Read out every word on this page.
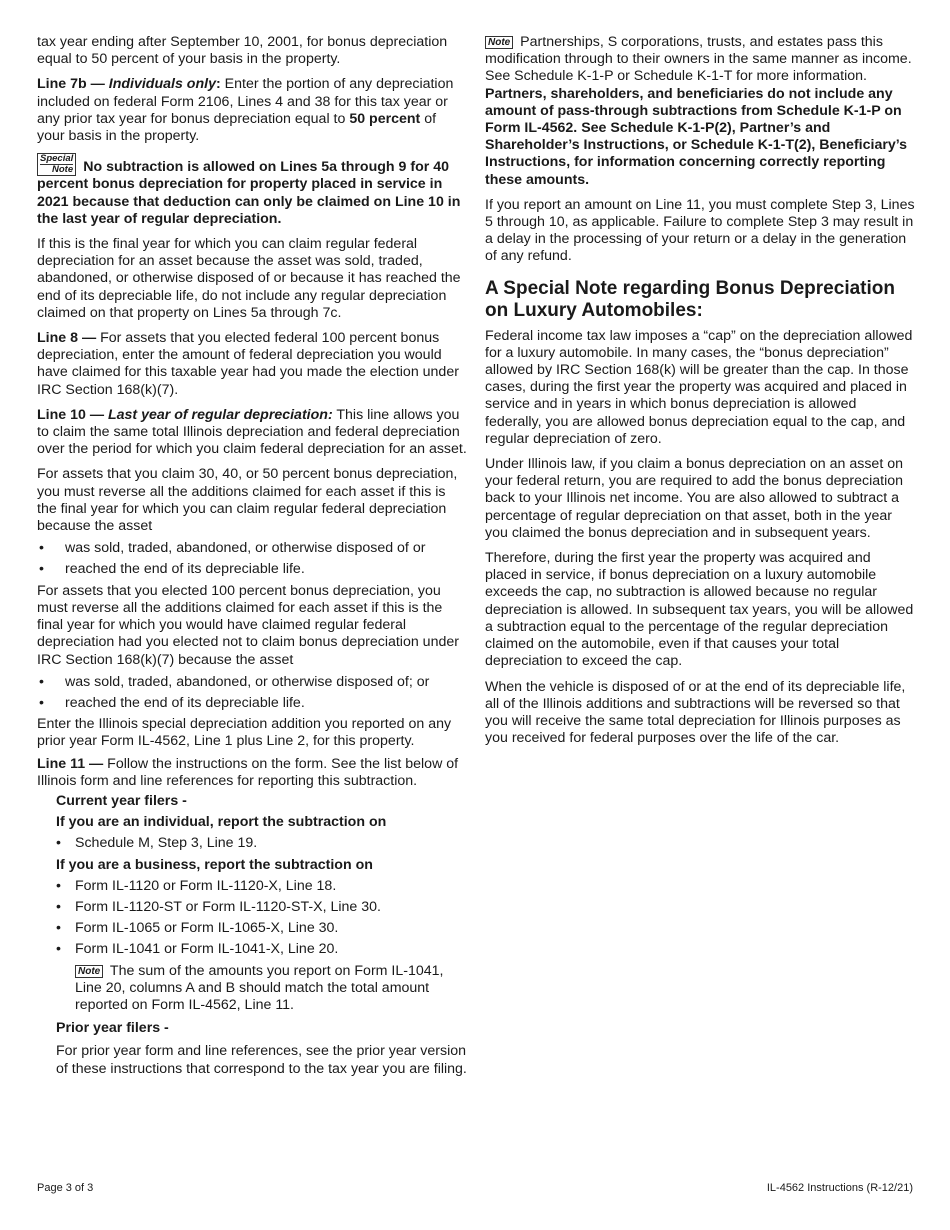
tax year ending after September 10, 2001, for bonus depreciation equal to 50 percent of your basis in the property.

Line 7b — Individuals only: Enter the portion of any depreciation included on federal Form 2106, Lines 4 and 38 for this tax year or any prior tax year for bonus depreciation equal to 50 percent of your basis in the property.

Special
Note No subtraction is allowed on Lines 5a through 9 for 40 percent bonus depreciation for property placed in service in 2021 because that deduction can only be claimed on Line 10 in the last year of regular depreciation.

If this is the final year for which you can claim regular federal depreciation for an asset because the asset was sold, traded, abandoned, or otherwise disposed of or because it has reached the end of its depreciable life, do not include any regular depreciation claimed on that property on Lines 5a through 7c.

Line 8 — For assets that you elected federal 100 percent bonus depreciation, enter the amount of federal depreciation you would have claimed for this taxable year had you made the election under IRC Section 168(k)(7).

Line 10 — Last year of regular depreciation: This line allows you to claim the same total Illinois depreciation and federal depreciation over the period for which you claim federal depreciation for an asset.

For assets that you claim 30, 40, or 50 percent bonus depreciation, you must reverse all the additions claimed for each asset if this is the final year for which you can claim regular federal depreciation because the asset

• was sold, traded, abandoned, or otherwise disposed of or
• reached the end of its depreciable life.

For assets that you elected 100 percent bonus depreciation, you must reverse all the additions claimed for each asset if this is the final year for which you would have claimed regular federal depreciation had you elected not to claim bonus depreciation under IRC Section 168(k)(7) because the asset

• was sold, traded, abandoned, or otherwise disposed of; or
• reached the end of its depreciable life.

Enter the Illinois special depreciation addition you reported on any prior year Form IL-4562, Line 1 plus Line 2, for this property.

Line 11 — Follow the instructions on the form. See the list below of Illinois form and line references for reporting this subtraction.

Current year filers -

If you are an individual, report the subtraction on

• Schedule M, Step 3, Line 19.

If you are a business, report the subtraction on

• Form IL-1120 or Form IL-1120-X, Line 18.
• Form IL-1120-ST or Form IL-1120-ST-X, Line 30.
• Form IL-1065 or Form IL-1065-X, Line 30.
• Form IL-1041 or Form IL-1041-X, Line 20.

Note The sum of the amounts you report on Form IL-1041, Line 20, columns A and B should match the total amount reported on Form IL-4562, Line 11.

Prior year filers -

For prior year form and line references, see the prior year version of these instructions that correspond to the tax year you are filing.

Note Partnerships, S corporations, trusts, and estates pass this modification through to their owners in the same manner as income. See Schedule K-1-P or Schedule K-1-T for more information. Partners, shareholders, and beneficiaries do not include any amount of pass-through subtractions from Schedule K-1-P on Form IL-4562. See Schedule K-1-P(2), Partner’s and Shareholder’s Instructions, or Schedule K-1-T(2), Beneficiary’s Instructions, for information concerning correctly reporting these amounts.

If you report an amount on Line 11, you must complete Step 3, Lines 5 through 10, as applicable. Failure to complete Step 3 may result in a delay in the processing of your return or a delay in the generation of any refund.

A Special Note regarding Bonus Depreciation on Luxury Automobiles:

Federal income tax law imposes a “cap” on the depreciation allowed for a luxury automobile. In many cases, the “bonus depreciation” allowed by IRC Section 168(k) will be greater than the cap. In those cases, during the first year the property was acquired and placed in service and in years in which bonus depreciation is allowed federally, you are allowed bonus depreciation equal to the cap, and regular depreciation of zero.

Under Illinois law, if you claim a bonus depreciation on an asset on your federal return, you are required to add the bonus depreciation back to your Illinois net income. You are also allowed to subtract a percentage of regular depreciation on that asset, both in the year you claimed the bonus depreciation and in subsequent years.

Therefore, during the first year the property was acquired and placed in service, if bonus depreciation on a luxury automobile exceeds the cap, no subtraction is allowed because no regular depreciation is allowed. In subsequent tax years, you will be allowed a subtraction equal to the percentage of the regular depreciation claimed on the automobile, even if that causes your total depreciation to exceed the cap.

When the vehicle is disposed of or at the end of its depreciable life, all of the Illinois additions and subtractions will be reversed so that you will receive the same total depreciation for Illinois purposes as you received for federal purposes over the life of the car.

Page 3 of 3	IL-4562 Instructions (R-12/21)
